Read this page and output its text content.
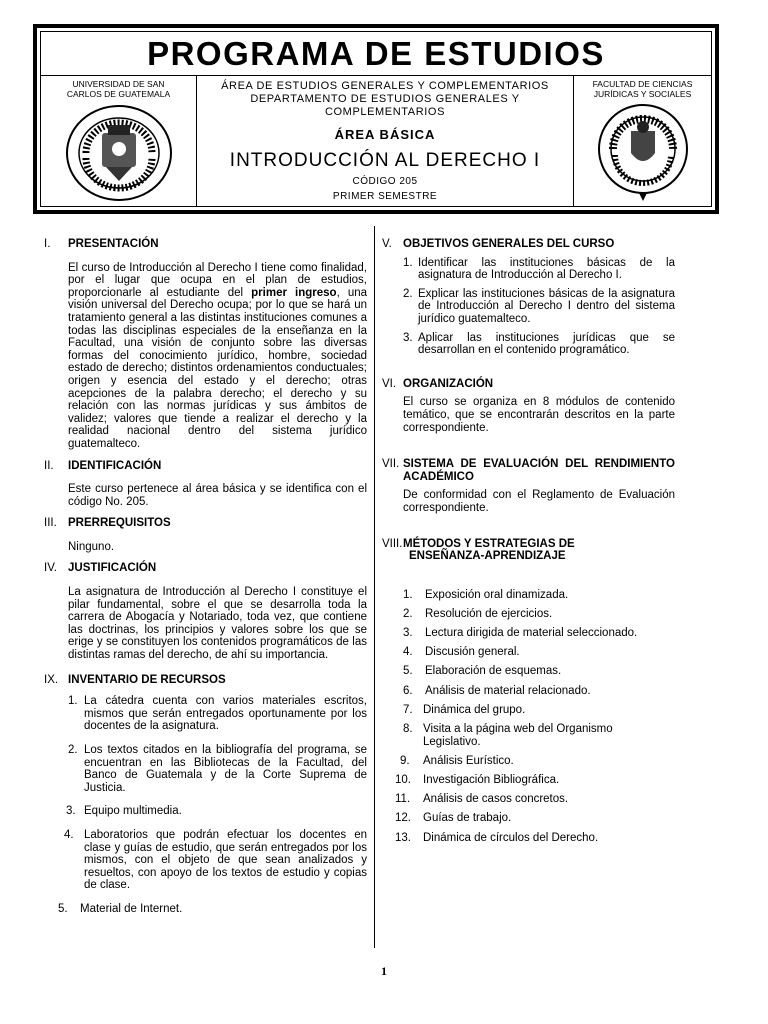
PROGRAMA DE ESTUDIOS
UNIVERSIDAD DE SAN CARLOS DE GUATEMALA
ÁREA DE ESTUDIOS GENERALES Y COMPLEMENTARIOS
DEPARTAMENTO DE ESTUDIOS GENERALES Y
COMPLEMENTARIOS
ÁREA BÁSICA
INTRODUCCIÓN AL DERECHO I
CÓDIGO 205
PRIMER SEMESTRE
FACULTAD DE CIENCIAS JURÍDICAS Y SOCIALES
I.	PRESENTACIÓN

El curso de Introducción al Derecho I tiene como finalidad, por el lugar que ocupa en el plan de estudios, proporcionarle al estudiante del primer ingreso, una visión universal del Derecho ocupa; por lo que se hará un tratamiento general a las distintas instituciones comunes a todas las disciplinas especiales de la enseñanza en la Facultad, una visión de conjunto sobre las diversas formas del conocimiento jurídico, hombre, sociedad estado de derecho; distintos ordenamientos conductuales; origen y esencia del estado y el derecho; otras acepciones de la palabra derecho; el derecho y su relación con las normas jurídicas y sus ámbitos de validez; valores que tiende a realizar el derecho y la realidad nacional dentro del sistema jurídico guatemalteco.

II.	IDENTIFICACIÓN

Este curso pertenece al área básica y se identifica con el código No. 205.

III. PRERREQUISITOS

Ninguno.

IV. JUSTIFICACIÓN

La asignatura de Introducción al Derecho I constituye el pilar fundamental, sobre el que se desarrolla toda la carrera de Abogacía y Notariado, toda vez, que contiene las doctrinas, los principios y valores sobre los que se erige y se constituyen los contenidos programáticos de las distintas ramas del derecho, de ahí su importancia.

IX. INVENTARIO DE RECURSOS
1. La cátedra cuenta con varios materiales escritos, mismos que serán entregados oportunamente por los docentes de la asignatura.
2. Los textos citados en la bibliografía del programa, se encuentran en las Bibliotecas de la Facultad, del Banco de Guatemala y de la Corte Suprema de Justicia.
3. Equipo multimedia.
4. Laboratorios que podrán efectuar los docentes en clase y guías de estudio, que serán entregados por los mismos, con el objeto de que sean analizados y resueltos, con apoyo de los textos de estudio y copias de clase.
5.	Material de Internet.
V. OBJETIVOS GENERALES DEL CURSO
1. Identificar las instituciones básicas de la asignatura de Introducción al Derecho I.
2. Explicar las instituciones básicas de la asignatura de Introducción al Derecho I dentro del sistema jurídico guatemalteco.
3. Aplicar las instituciones jurídicas que se desarrollan en el contenido programático.
VI. ORGANIZACIÓN

El curso se organiza en 8 módulos de contenido temático, que se encontrarán descritos en la parte correspondiente.

VII. SISTEMA DE EVALUACIÓN DEL RENDIMIENTO ACADÉMICO

De conformidad con el Reglamento de Evaluación correspondiente.

VIII. MÉTODOS Y ESTRATEGIAS DE
ENSEÑANZA-APRENDIZAJE
1.	Exposición oral dinamizada.
2.	Resolución de ejercicios.
3.	Lectura dirigida de material seleccionado.
4.	Discusión general.
5.	Elaboración de esquemas.
6.	Análisis de material relacionado.
7. Dinámica del grupo.
8. Visita a la página web del Organismo Legislativo.
9.	Análisis Eurístico.
10.	Investigación Bibliográfica.
11.	Análisis de casos concretos.
12.	Guías de trabajo.
13.	Dinámica de círculos del Derecho.
1
